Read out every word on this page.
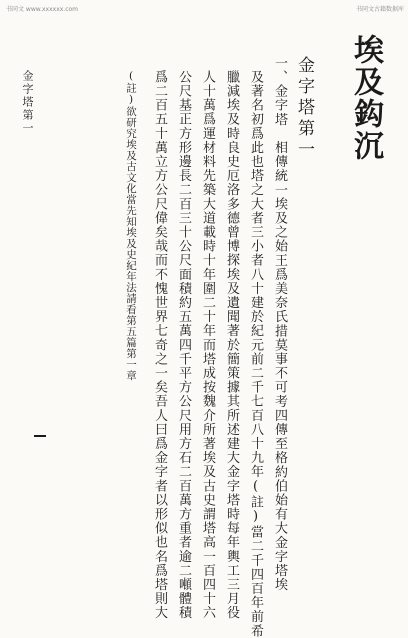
书同文 www.xxxxxx.com	书同文古籍数据库
埃及鈎沉
金字塔第一
一、金字塔　相傳統一埃及之始王爲美奈氏措莫事不可考四傳至格約伯始有大金字塔埃
及著名初爲此也塔之大者三小者八十建於紀元前二千七百八十九年(註)當二千四百年前希
臘減埃及時良史厄洛多德曾博探埃及遺聞著於簡策據其所述建大金字塔時每年輿工三月役
人十萬爲運材料先築大道載時十年圍二十年而塔成按魏介所著埃及古史謂塔高一百四十六
公尺基正方形邊長二百三十公尺面積約五萬四千平方公尺用方石二百萬方重者逾二噸體積
爲二百五十萬立方公尺偉矣哉而不愧世界七奇之一矣吾人曰爲金字者以形似也名爲塔則大
(註)欲研究埃及古文化當先知埃及史紀年法請看第五篇第一章
金字塔第一
